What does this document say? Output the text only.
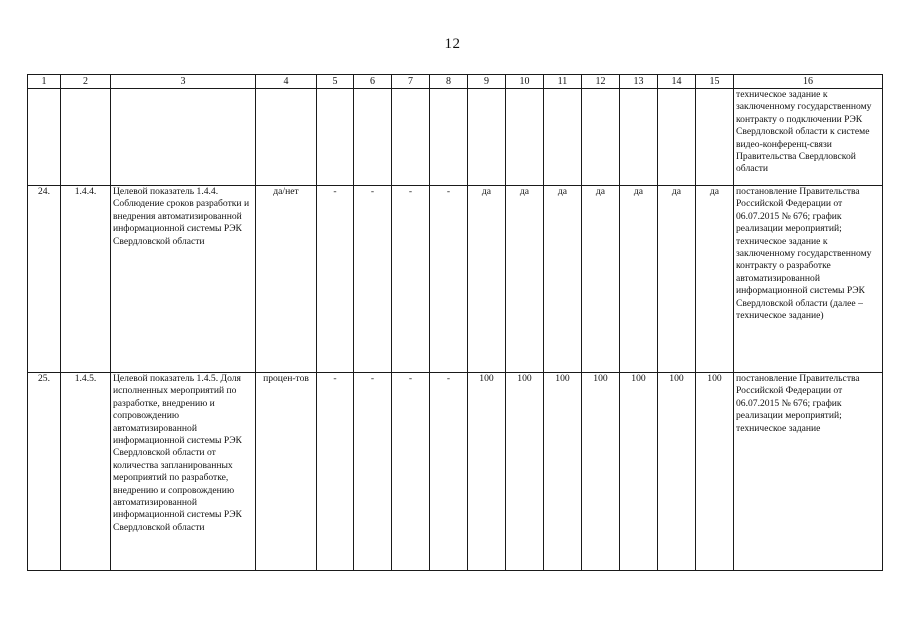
12
1	2	3	4	5	6	7	8	9	10	11	12	13	14	15	16
															техническое задание к заключенному государственному контракту о подключении РЭК Свердловской области к системе видео-конференц-связи Правительства Свердловской области
24.	1.4.4.	Целевой показатель 1.4.4. Соблюдение сроков разработки и внедрения автоматизированной информационной системы РЭК Свердловской области	да/нет	-	-	-	-	да	да	да	да	да	да	да	постановление Правительства Российской Федерации от 06.07.2015 № 676; график реализации мероприятий; техническое задание к заключенному государственному контракту о разработке автоматизированной информационной системы РЭК Свердловской области (далее – техническое задание)
25.	1.4.5.	Целевой показатель 1.4.5. Доля исполненных мероприятий по разработке, внедрению и сопровождению автоматизированной информационной системы РЭК Свердловской области от количества запланированных мероприятий по разработке, внедрению и сопровождению автоматизированной информационной системы РЭК Свердловской области	процен-тов	-	-	-	-	100	100	100	100	100	100	100	постановление Правительства Российской Федерации от 06.07.2015 № 676; график реализации мероприятий; техническое задание
